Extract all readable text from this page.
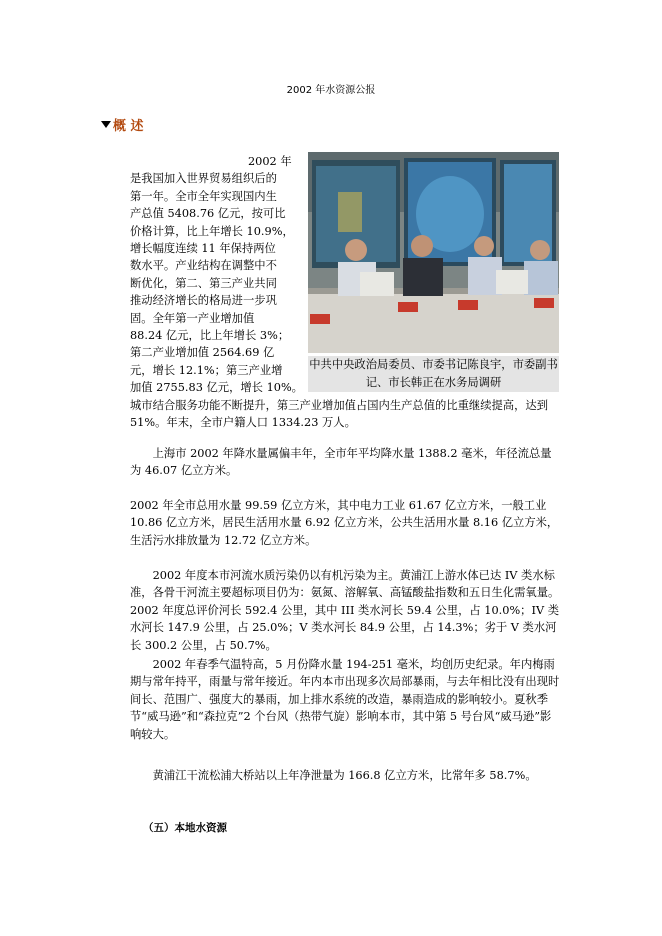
2002 年水资源公报
概 述

2002 年

是我国加入世界贸易组织后的

第一年。全市全年实现国内生

产总值 5408.76 亿元，按可比

价格计算，比上年增长 10.9%，

增长幅度连续 11 年保持两位

数水平。产业结构在调整中不

断优化，第二、第三产业共同

推动经济增长的格局进一步巩

固。全年第一产业增加值

88.24 亿元，比上年增长 3%；

第二产业增加值 2564.69 亿

元，增长 12.1%；第三产业增

加值 2755.83 亿元，增长 10%。

中共中央政治局委员、市委书记陈良宇，市委副书记、市长韩正在水务局调研

城市结合服务功能不断提升，第三产业增加值占国内生产总值的比重继续提高，达到 51%。年末，全市户籍人口 1334.23 万人。

上海市 2002 年降水量属偏丰年，全市年平均降水量 1388.2 毫米，年径流总量为 46.07 亿立方米。

2002 年全市总用水量 99.59 亿立方米，其中电力工业 61.67 亿立方米，一般工业 10.86 亿立方米，居民生活用水量 6.92 亿立方米，公共生活用水量 8.16 亿立方米，生活污水排放量为 12.72 亿立方米。

2002 年度本市河流水质污染仍以有机污染为主。黄浦江上游水体已达 IV 类水标准，各骨干河流主要超标项目仍为：氨氮、溶解氧、高锰酸盐指数和五日生化需氧量。2002 年度总评价河长 592.4 公里，其中 III 类水河长 59.4 公里，占 10.0%；IV 类水河长 147.9 公里，占 25.0%；V 类水河长 84.9 公里，占 14.3%；劣于 V 类水河长 300.2 公里，占 50.7%。

2002 年春季气温特高，5 月份降水量 194-251 毫米，均创历史纪录。年内梅雨期与常年持平，雨量与常年接近。年内本市出现多次局部暴雨，与去年相比没有出现时间长、范围广、强度大的暴雨，加上排水系统的改造，暴雨造成的影响较小。夏秋季节“威马逊”和“森拉克”2 个台风（热带气旋）影响本市，其中第 5 号台风“威马逊”影响较大。

黄浦江干流松浦大桥站以上年净泄量为 166.8 亿立方米，比常年多 58.7%。

（五）本地水资源
